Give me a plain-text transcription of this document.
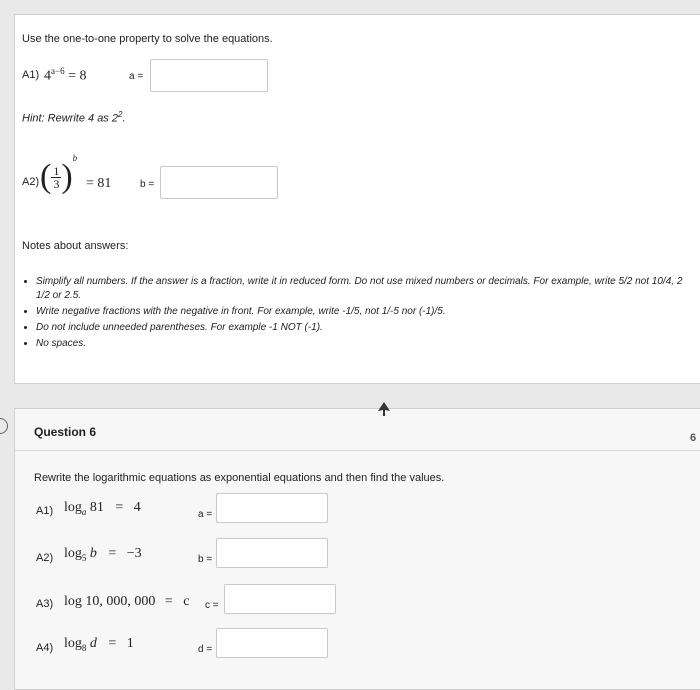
Use the one-to-one property to solve the equations.
A1) $4^{a-6} = 8$	a =
Hint: Rewrite 4 as $2^2$.
A2) ( $\frac{1}{3} )^b$
= 81	b =
Notes about answers:
• Simplify all numbers. If the answer is a fraction, write it in reduced form. Do not use mixed numbers or decimals. For example, write 5/2 not 10/4, 2 1/2 or 2.5.
• Write negative fractions with the negative in front. For example, write -1/5, not 1/-5 nor (-1)/5.
• Do not include unneeded parentheses. For example -1 NOT (-1).
• No spaces.
Question 6	6
Rewrite the logarithmic equations as exponential equations and then find the values.
A1) $\log_a 81 = 4$	a =
A2) $\log_5 b = -3$	b =
A3) log 10, 000, 000 =   c c =
A4) $\log_8 d = 1$	d =
